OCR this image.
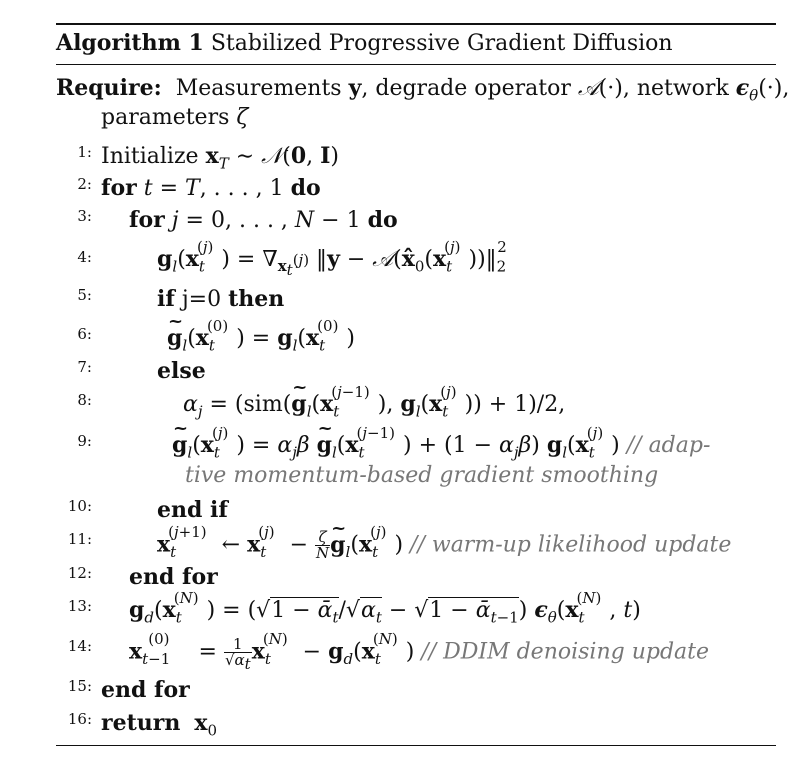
Algorithm 1 Stabilized Progressive Gradient Diffusion
Require: Measurements y, degrade operator 𝒜(·), network $\epsilon_\theta(\cdot)$,
parameters ζ
1: Initialize $x_T$ ∼ 𝒩(0, I)
2: for t = T, . . . , 1 do
3: for j = 0, . . . , N − 1 do
4:	$g_l(x_t^{(j)}) = \nabla_{x_t^{(j)}}$ ‖y − $𝒜(x̂_0(x_t^{(j)}))‖_2^2$
5:	if j=0 then
6:	~ $g_l(x_t^{(0)}) = g_l(x_t^{(0)})$
7:	else
8:	$\alpha_j$ = (sim(~ $g_l(x_t^{(j-1)})$, $g_l(x_t^{(j)})) + 1)/2$,
9:	~ $g_l(x_t^{(j)}) = \alpha_j\beta$ ~ $g_l(x_t^{(j-1)}) + (1 - \alpha_j\beta)$ $g_l(x_t^{(j)})$ // adap-
tive momentum-based gradient smoothing
10:	end if
11:	$x_t^{(j+1)}$ ← $x_t^{(j)} - \frac{\zeta}{N}$ ~ $g_l(x_t^{(j)})$ // warm-up likelihood update
12: end for
13: $g_d(x_t^{(N)}) = (√1$ − $ᾱ_t/√\alpha_t - √1$ − ᾱ$_{t-1}$) $\epsilon_\theta(x_t^{(N)}$, t)
14: $x_{t-1}^{(0)} = \frac{1}{√\alpha_t} x_t^{(N)} - g_d(x_t^{(N)})$ // DDIM denoising update
15: end for
16: return $x_0$
